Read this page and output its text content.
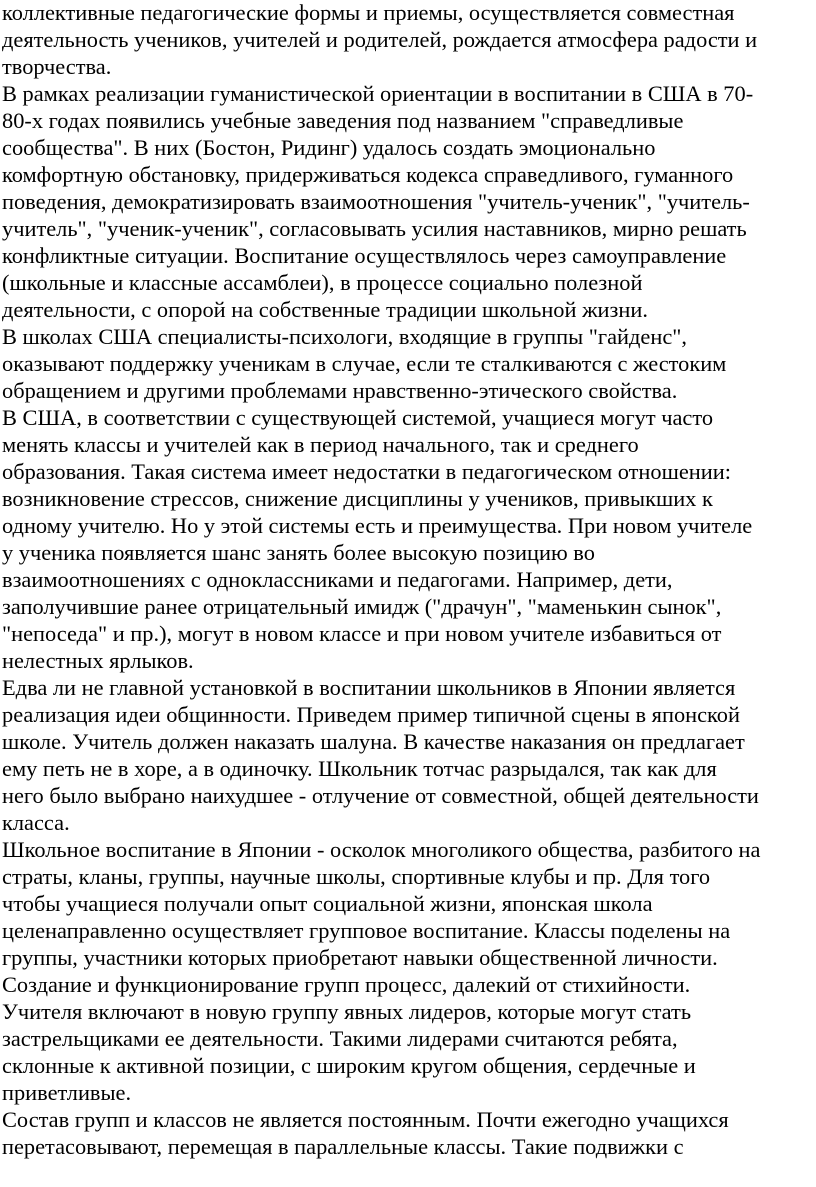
коллективные педагогические формы и приемы, осуществляется совместная
деятельность учеников, учителей и родителей, рождается атмосфера радости и
творчества.
В рамках реализации гуманистической ориентации в воспитании в США в 70-
80-х годах появились учебные заведения под названием "справедливые
сообщества". В них (Бостон, Ридинг) удалось создать эмоционально
комфортную обстановку, придерживаться кодекса справедливого, гуманного
поведения, демократизировать взаимоотношения "учитель-ученик", "учитель-
учитель", "ученик-ученик", согласовывать усилия наставников, мирно решать
конфликтные ситуации. Воспитание осуществлялось через самоуправление
(школьные и классные ассамблеи), в процессе социально полезной
деятельности, с опорой на собственные традиции школьной жизни.
В школах США специалисты-психологи, входящие в группы "гайденс",
оказывают поддержку ученикам в случае, если те сталкиваются с жестоким
обращением и другими проблемами нравственно-этического свойства.
В США, в соответствии с существующей системой, учащиеся могут часто
менять классы и учителей как в период начального, так и среднего
образования. Такая система имеет недостатки в педагогическом отношении:
возникновение стрессов, снижение дисциплины у учеников, привыкших к
одному учителю. Но у этой системы есть и преимущества. При новом учителе
у ученика появляется шанс занять более высокую позицию во
взаимоотношениях с одноклассниками и педагогами. Например, дети,
заполучившие ранее отрицательный имидж ("драчун", "маменькин сынок",
"непоседа" и пр.), могут в новом классе и при новом учителе избавиться от
нелестных ярлыков.
Едва ли не главной установкой в воспитании школьников в Японии является
реализация идеи общинности. Приведем пример типичной сцены в японской
школе. Учитель должен наказать шалуна. В качестве наказания он предлагает
ему петь не в хоре, а в одиночку. Школьник тотчас разрыдался, так как для
него было выбрано наихудшее - отлучение от совместной, общей деятельности
класса.
Школьное воспитание в Японии - осколок многоликого общества, разбитого на
страты, кланы, группы, научные школы, спортивные клубы и пр. Для того
чтобы учащиеся получали опыт социальной жизни, японская школа
целенаправленно осуществляет групповое воспитание. Классы поделены на
группы, участники которых приобретают навыки общественной личности.
Создание и функционирование групп процесс, далекий от стихийности.
Учителя включают в новую группу явных лидеров, которые могут стать
застрельщиками ее деятельности. Такими лидерами считаются ребята,
склонные к активной позиции, с широким кругом общения, сердечные и
приветливые.
Состав групп и классов не является постоянным. Почти ежегодно учащихся
перетасовывают, перемещая в параллельные классы. Такие подвижки с
